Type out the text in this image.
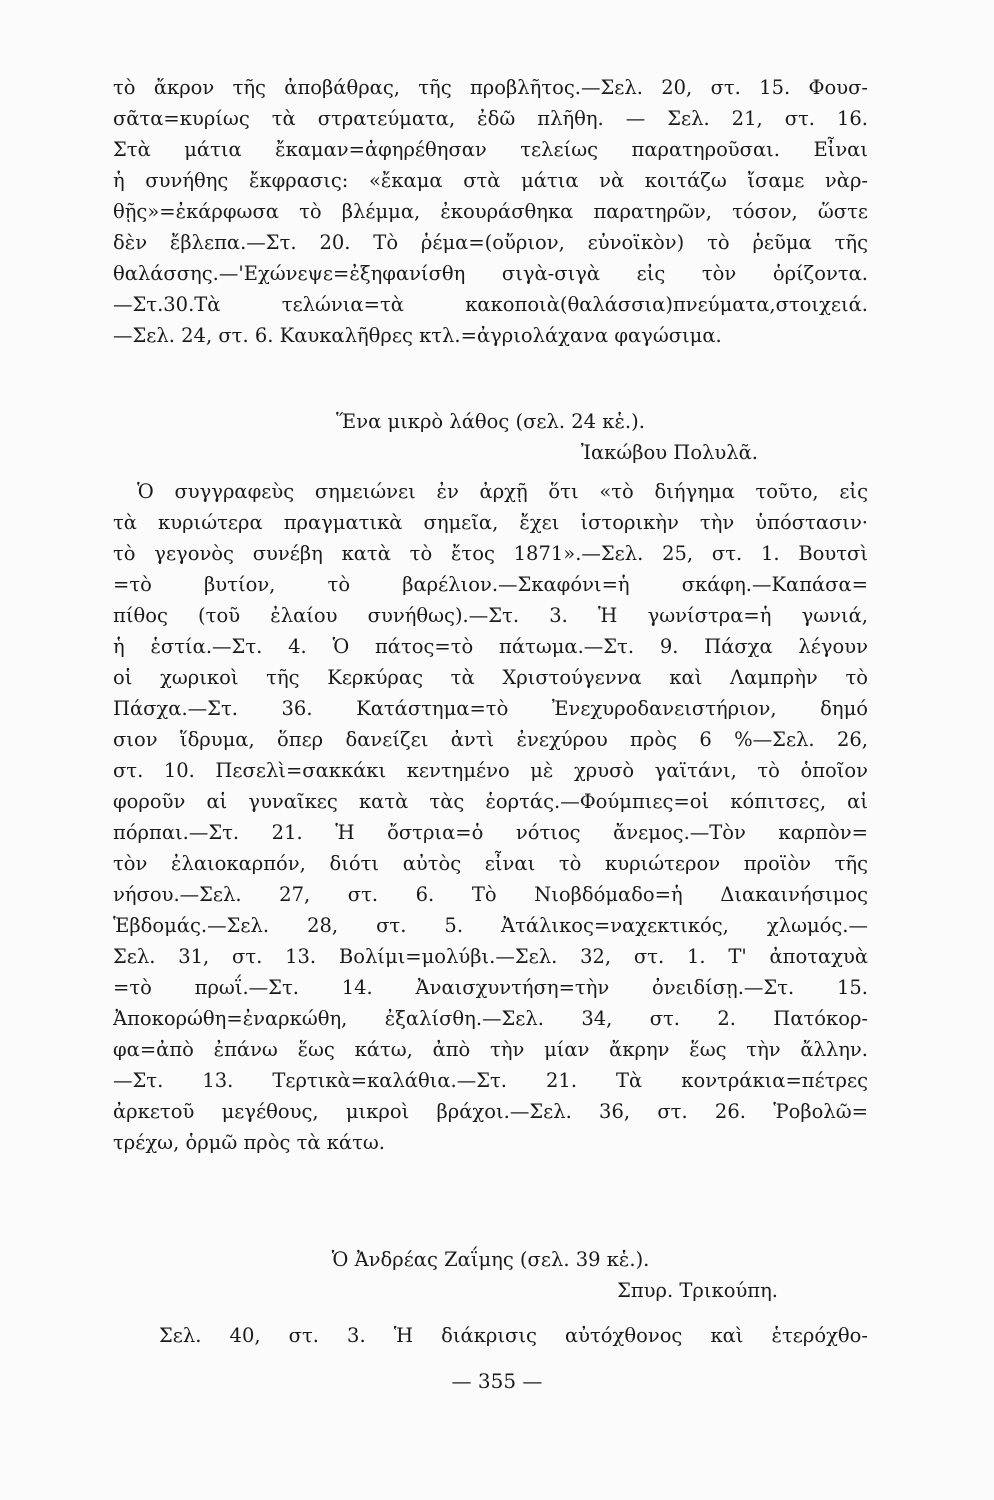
τὸ ἄκρον τῆς ἀποβάθρας, τῆς προβλῆτος.—Σελ. 20, στ. 15. Φουσ-
σᾶτα=κυρίως τὰ στρατεύματα, ἐδῶ πλῆθη. — Σελ. 21, στ. 16.
Στὰ μάτια ἔκαμαν=ἀφηρέθησαν τελείως παρατηροῦσαι. Εἶναι
ἡ συνήθης ἔκφρασις: «ἔκαμα στὰ μάτια νὰ κοιτάζω ἴσαμε νὰρ-
θῇς»=ἐκάρφωσα τὸ βλέμμα, ἐκουράσθηκα παρατηρῶν, τόσον, ὥστε
δὲν ἔβλεπα.—Στ. 20. Τὸ ῥέμα=(οὔριον, εὐνοϊκὸν) τὸ ῥεῦμα τῆς
θαλάσσης.—'Εχώνεψε=ἐξηφανίσθη σιγὰ-σιγὰ εἰς τὸν ὁρίζοντα.
—Στ.30.Τὰ τελώνια=τὰ κακοποιὰ(θαλάσσια)πνεύματα,στοιχειά.
—Σελ. 24, στ. 6. Καυκαλῆθρες κτλ.=ἀγριολάχανα φαγώσιμα.
Ἕνα μικρὸ λάθος (σελ. 24 κἑ.).
Ἰακώβου Πολυλᾶ.
Ὁ συγγραφεὺς σημειώνει ἐν ἀρχῇ ὅτι «τὸ διήγημα τοῦτο, εἰς
τὰ κυριώτερα πραγματικὰ σημεῖα, ἔχει ἱστορικὴν τὴν ὑπόστασιν·
τὸ γεγονὸς συνέβη κατὰ τὸ ἔτος 1871».—Σελ. 25, στ. 1. Βουτσὶ
=τὸ βυτίον, τὸ βαρέλιον.—Σκαφόνι=ἡ σκάφη.—Καπάσα=
πίθος (τοῦ ἐλαίου συνήθως).—Στ. 3. Ἡ γωνίστρα=ἡ γωνιά,
ἡ ἑστία.—Στ. 4. Ὁ πάτος=τὸ πάτωμα.—Στ. 9. Πάσχα λέγουν
οἱ χωρικοὶ τῆς Κερκύρας τὰ Χριστούγεννα καὶ Λαμπρὴν τὸ
Πάσχα.—Στ. 36. Κατάστημα=τὸ Ἐνεχυροδανειστήριον, δημό
σιον ἵδρυμα, ὅπερ δανείζει ἀντὶ ἐνεχύρου πρὸς 6 %—Σελ. 26,
στ. 10. Πεσελὶ=σακκάκι κεντημένο μὲ χρυσὸ γαϊτάνι, τὸ ὁποῖον
φοροῦν αἱ γυναῖκες κατὰ τὰς ἑορτάς.—Φούμπιες=οἱ κόπιτσες, αἱ
πόρπαι.—Στ. 21. Ἡ ὄστρια=ὁ νότιος ἄνεμος.—Τὸν καρπὸν=
τὸν ἐλαιοκαρπόν, διότι αὐτὸς εἶναι τὸ κυριώτερον προϊὸν τῆς
νήσου.—Σελ. 27, στ. 6. Τὸ Νιοβδόμαδο=ἡ Διακαινήσιμος
Ἑβδομάς.—Σελ. 28, στ. 5. Ἀτάλικος=ναχεκτικός, χλωμός.—
Σελ. 31, στ. 13. Βολίμι=μολύβι.—Σελ. 32, στ. 1. Τ' ἀποταχυὰ
=τὸ πρωΐ.—Στ. 14. Ἀναισχυντήση=τὴν ὀνειδίσῃ.—Στ. 15.
Ἀποκορώθη=ἐναρκώθη, ἐξαλίσθη.—Σελ. 34, στ. 2. Πατόκορ-
φα=ἀπὸ ἐπάνω ἕως κάτω, ἀπὸ τὴν μίαν ἄκρην ἕως τὴν ἄλλην.
—Στ. 13. Τερτικὰ=καλάθια.—Στ. 21. Τὰ κοντράκια=πέτρες
ἀρκετοῦ μεγέθους, μικροὶ βράχοι.—Σελ. 36, στ. 26. Ῥοβολῶ=
τρέχω, ὁρμῶ πρὸς τὰ κάτω.
Ὁ Ἀνδρέας Ζαΐμης (σελ. 39 κἑ.).
Σπυρ. Τρικούπη.
Σελ. 40, στ. 3. Ἡ διάκρισις αὐτόχθονος καὶ ἑτερόχθο-
— 355 —
